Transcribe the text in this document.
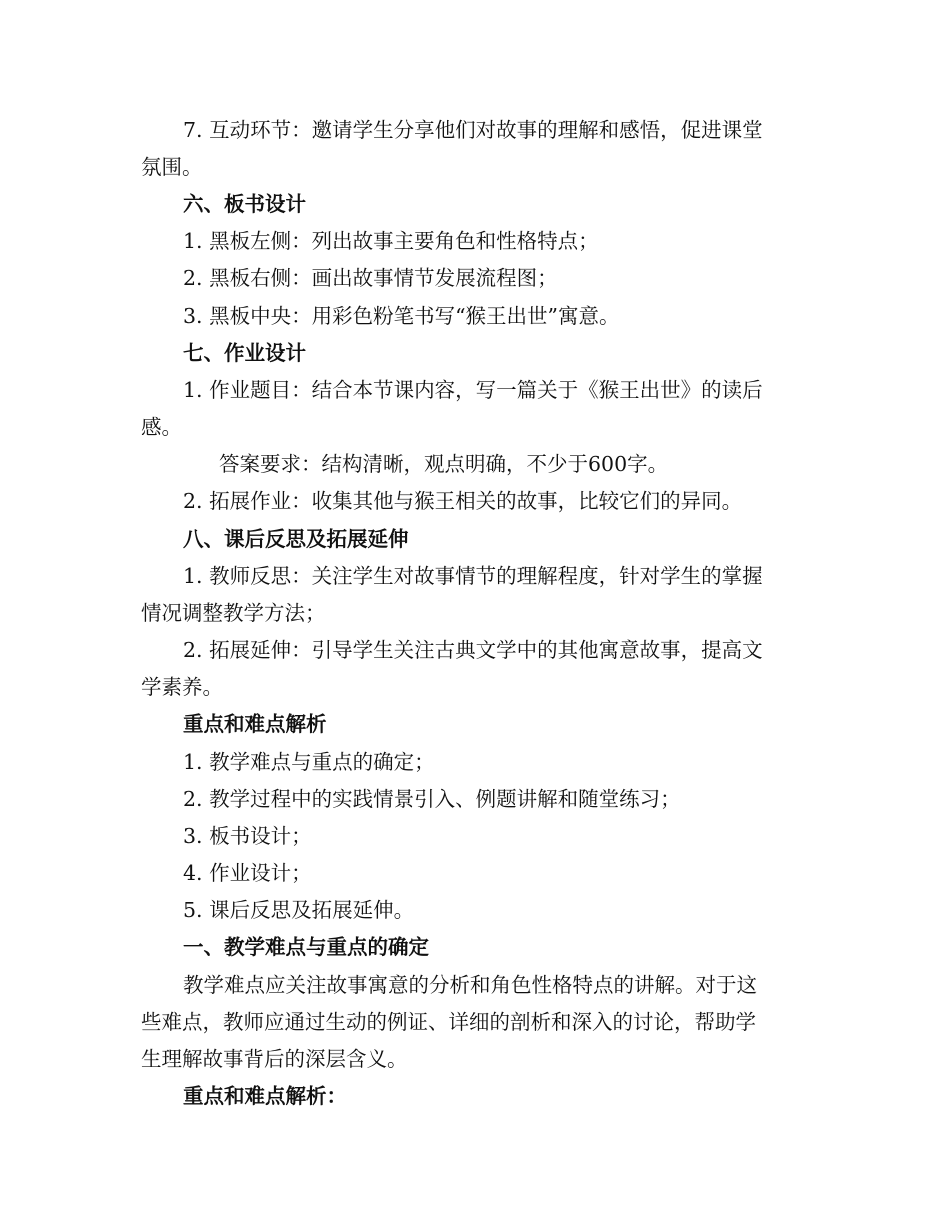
7. 互动环节：邀请学生分享他们对故事的理解和感悟，促进课堂
氛围。
六、板书设计
1. 黑板左侧：列出故事主要角色和性格特点；
2. 黑板右侧：画出故事情节发展流程图；
3. 黑板中央：用彩色粉笔书写“猴王出世”寓意。
七、作业设计
1. 作业题目：结合本节课内容，写一篇关于《猴王出世》的读后
感。
答案要求：结构清晰，观点明确，不少于600字。
2. 拓展作业：收集其他与猴王相关的故事，比较它们的异同。
八、课后反思及拓展延伸
1. 教师反思：关注学生对故事情节的理解程度，针对学生的掌握
情况调整教学方法；
2. 拓展延伸：引导学生关注古典文学中的其他寓意故事，提高文
学素养。
重点和难点解析
1. 教学难点与重点的确定；
2. 教学过程中的实践情景引入、例题讲解和随堂练习；
3. 板书设计；
4. 作业设计；
5. 课后反思及拓展延伸。
一、教学难点与重点的确定
教学难点应关注故事寓意的分析和角色性格特点的讲解。对于这
些难点，教师应通过生动的例证、详细的剖析和深入的讨论，帮助学
生理解故事背后的深层含义。
重点和难点解析：
